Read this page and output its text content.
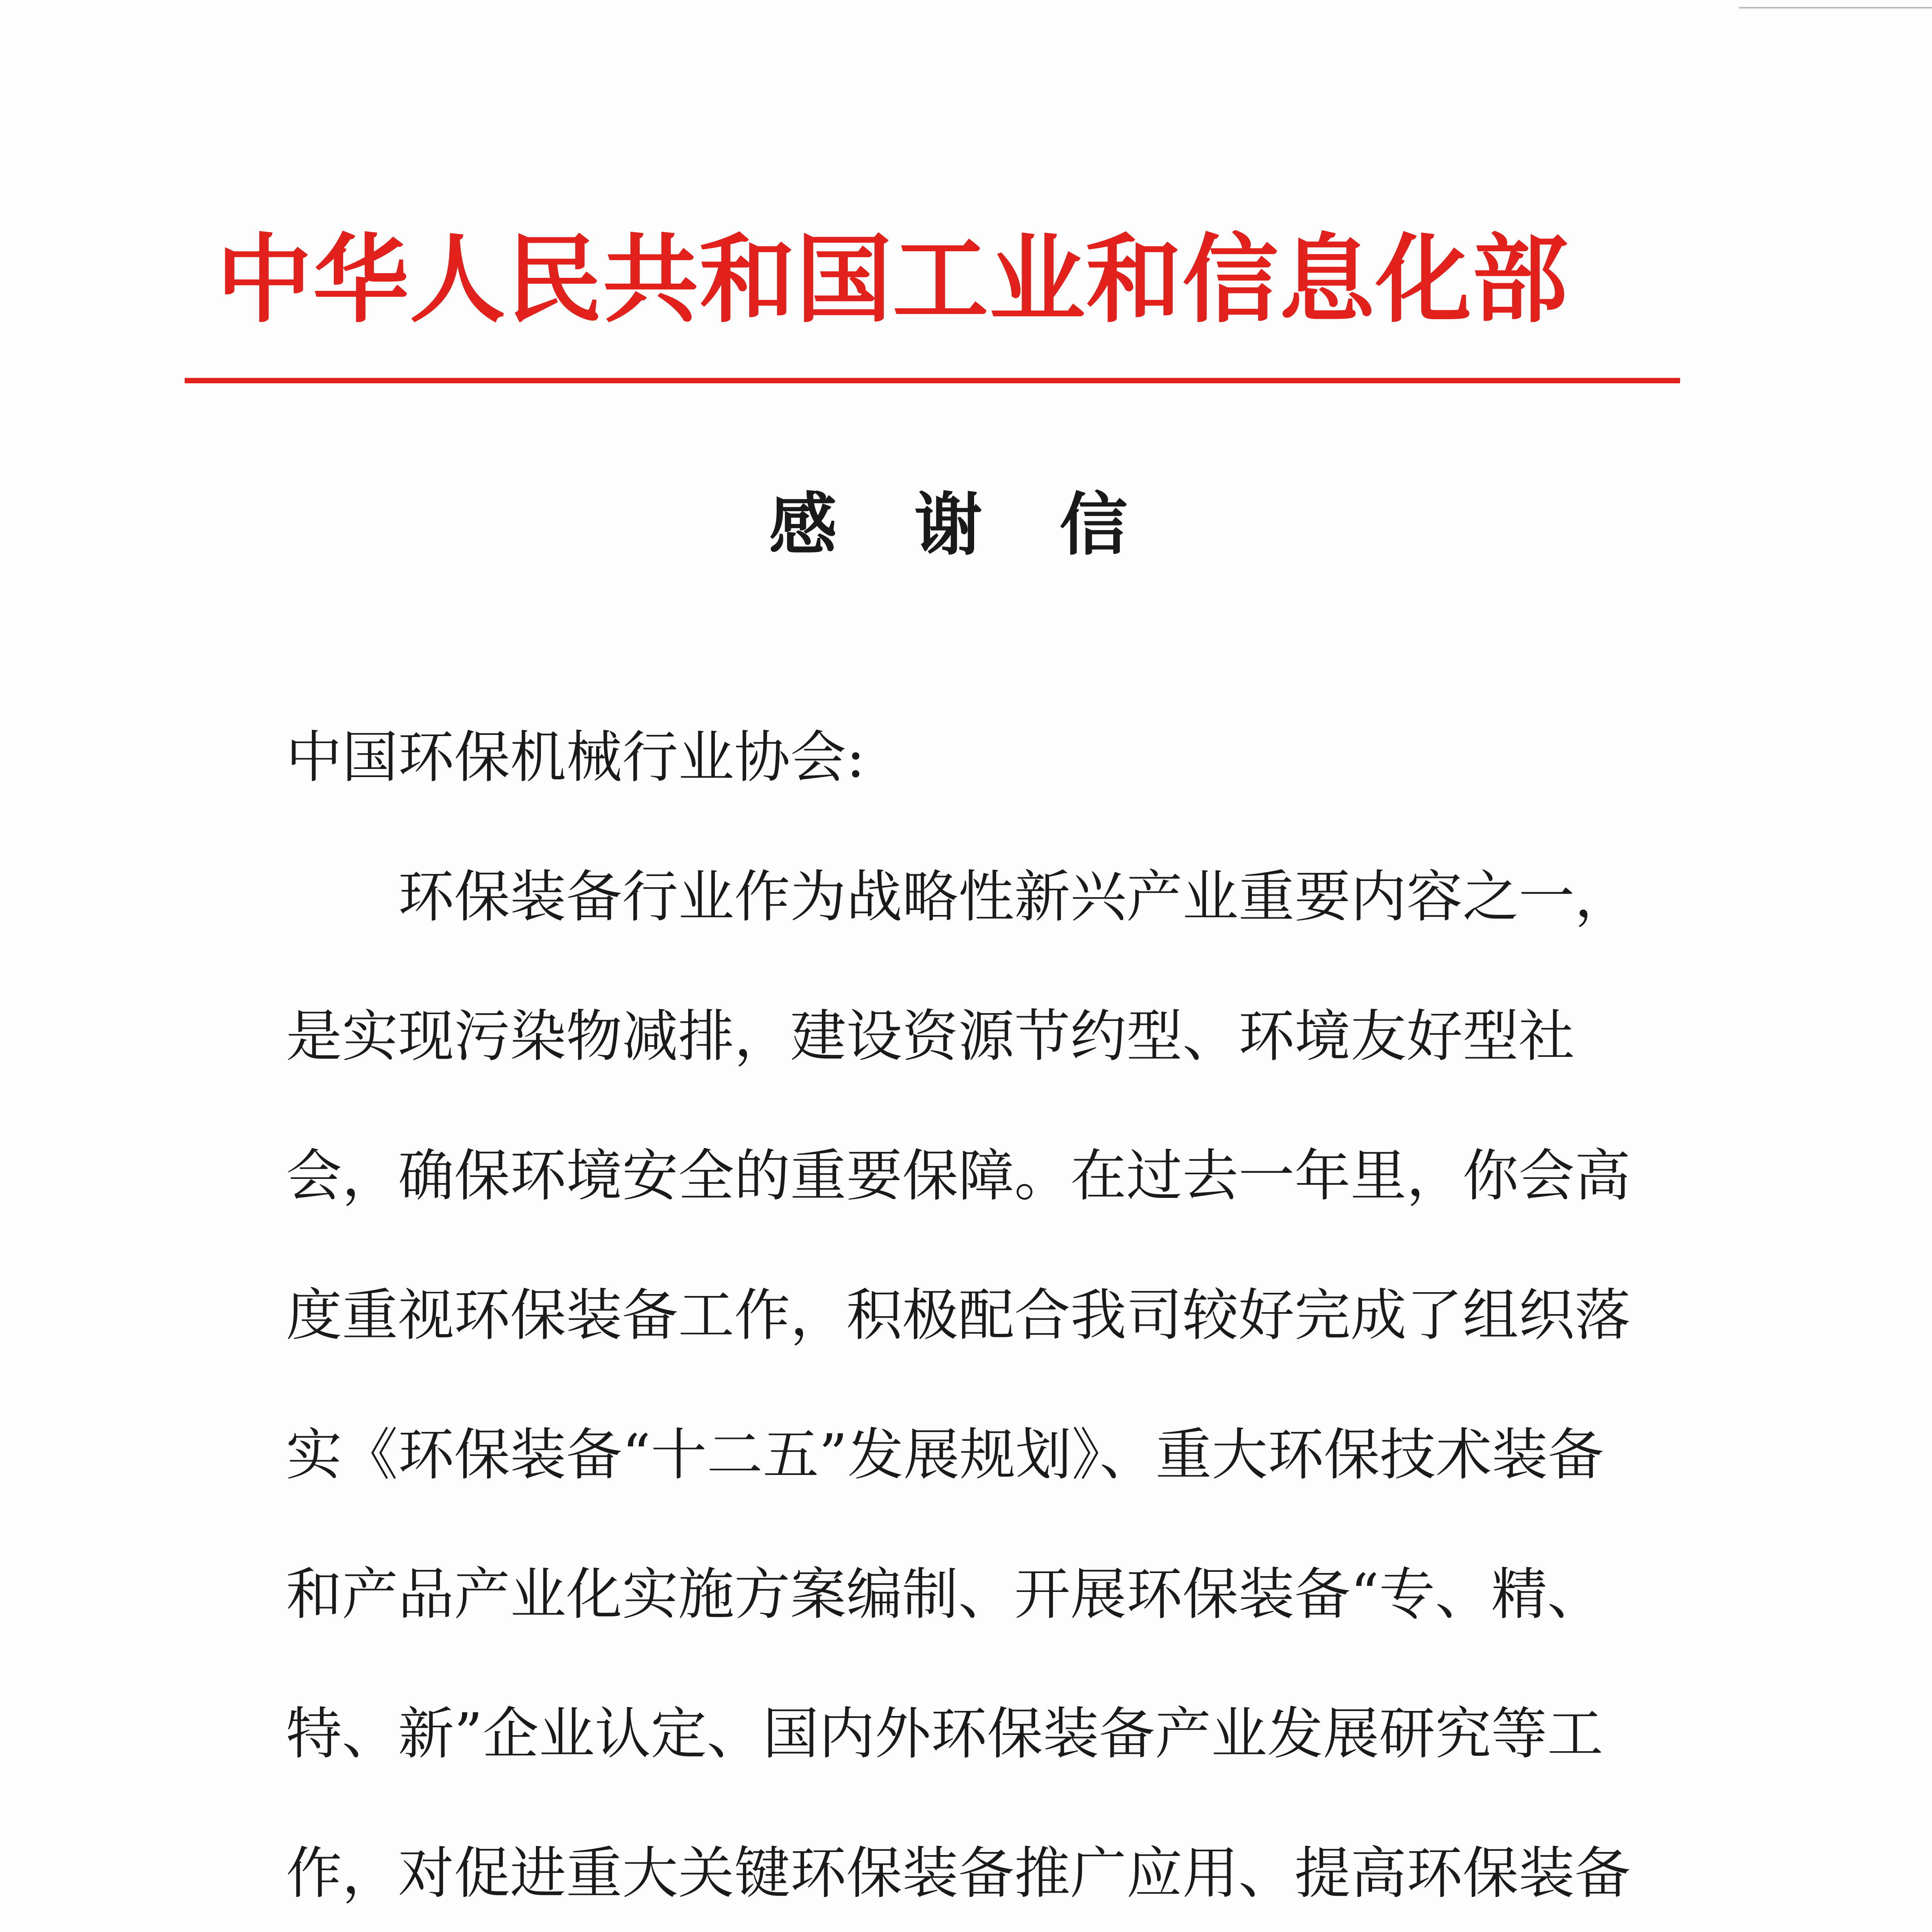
中华人民共和国工业和信息化部
感谢信

中国环保机械行业协会:

环保装备行业作为战略性新兴产业重要内容之一，是实现污染物减排，建设资源节约型、环境友好型社会，确保环境安全的重要保障。在过去一年里，你会高度重视环保装备工作，积极配合我司较好完成了组织落实《环保装备“十二五”发展规划》、重大环保技术装备和产品产业化实施方案编制、开展环保装备“专、精、特、新”企业认定、国内外环保装备产业发展研究等工作，对促进重大关键环保装备推广应用、提高环保装备
